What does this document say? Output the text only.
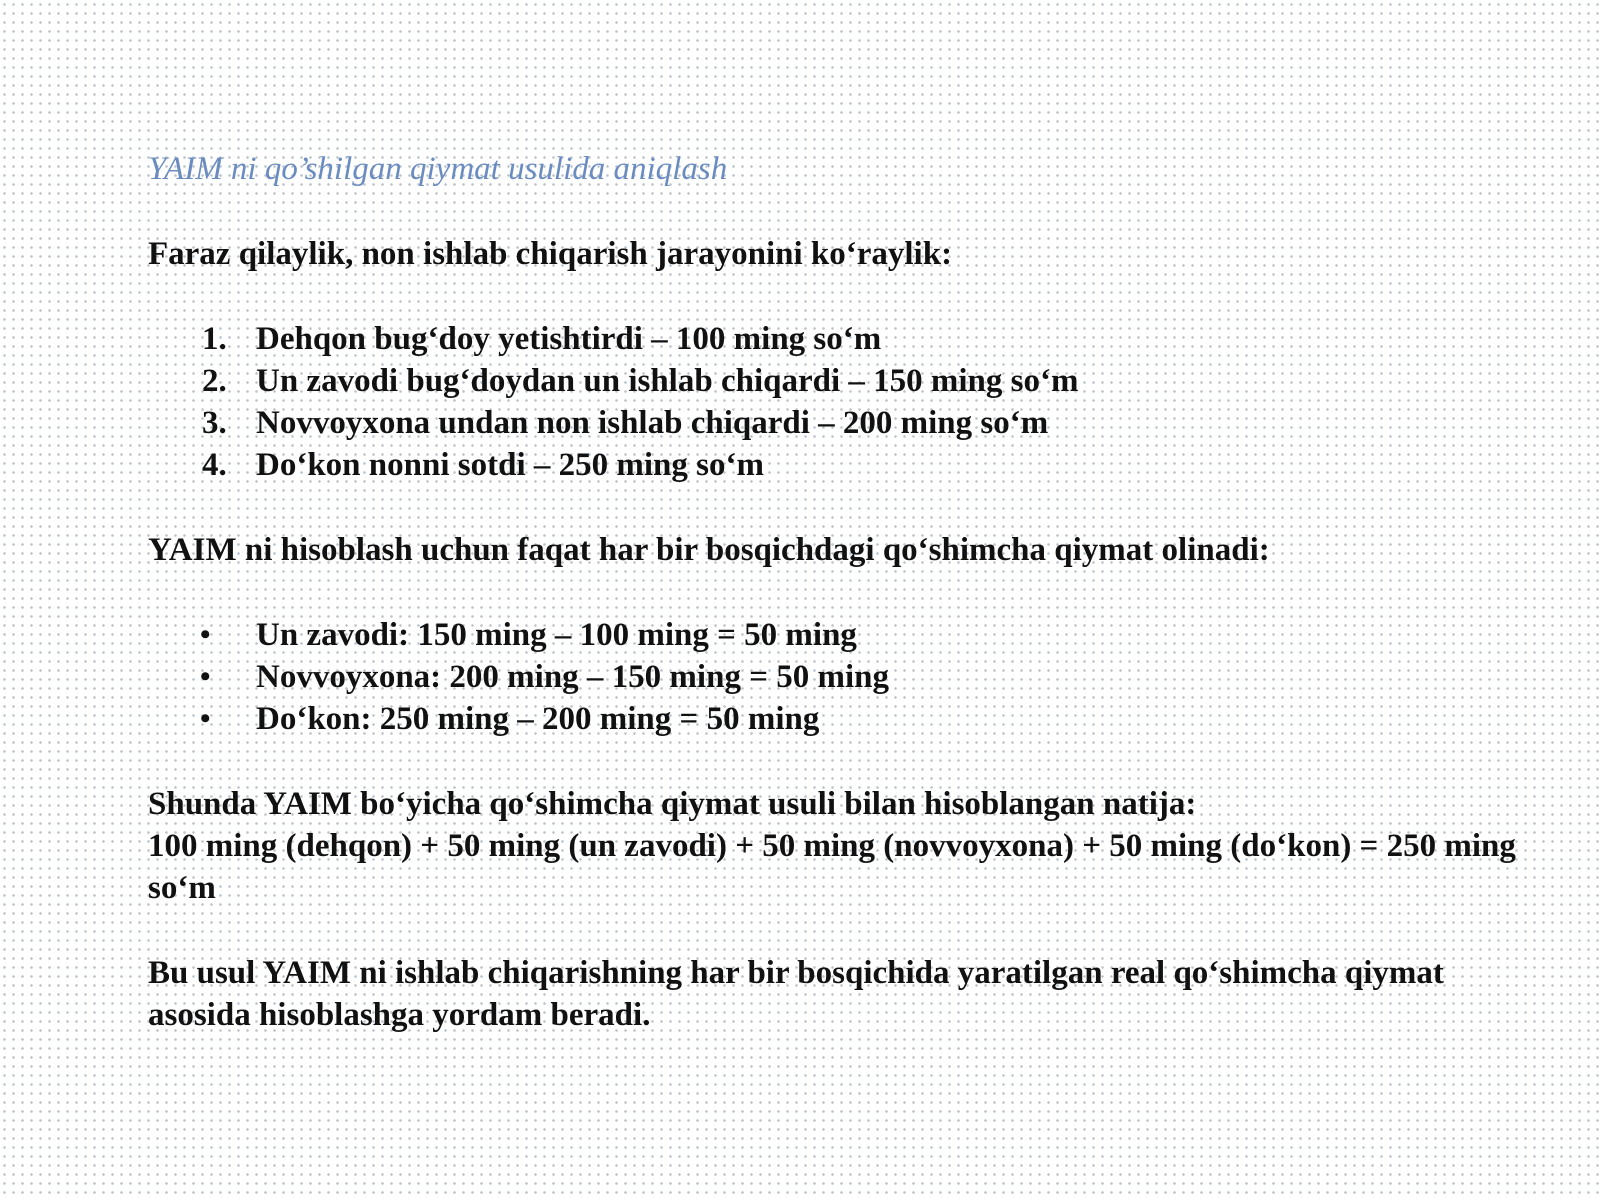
YAIM ni qo’shilgan qiymat usulida aniqlash

Faraz qilaylik, non ishlab chiqarish jarayonini ko‘raylik:

1. Dehqon bug‘doy yetishtirdi – 100 ming so‘m
2. Un zavodi bug‘doydan un ishlab chiqardi – 150 ming so‘m
3. Novvoyxona undan non ishlab chiqardi – 200 ming so‘m
4. Do‘kon nonni sotdi – 250 ming so‘m

YAIM ni hisoblash uchun faqat har bir bosqichdagi qo‘shimcha qiymat olinadi:

• Un zavodi: 150 ming – 100 ming = 50 ming
• Novvoyxona: 200 ming – 150 ming = 50 ming
• Do‘kon: 250 ming – 200 ming = 50 ming

Shunda YAIM bo‘yicha qo‘shimcha qiymat usuli bilan hisoblangan natija:

100 ming (dehqon) + 50 ming (un zavodi) + 50 ming (novvoyxona) + 50 ming (do‘kon) = 250 ming so‘m

Bu usul YAIM ni ishlab chiqarishning har bir bosqichida yaratilgan real qo‘shimcha qiymat asosida hisoblashga yordam beradi.
